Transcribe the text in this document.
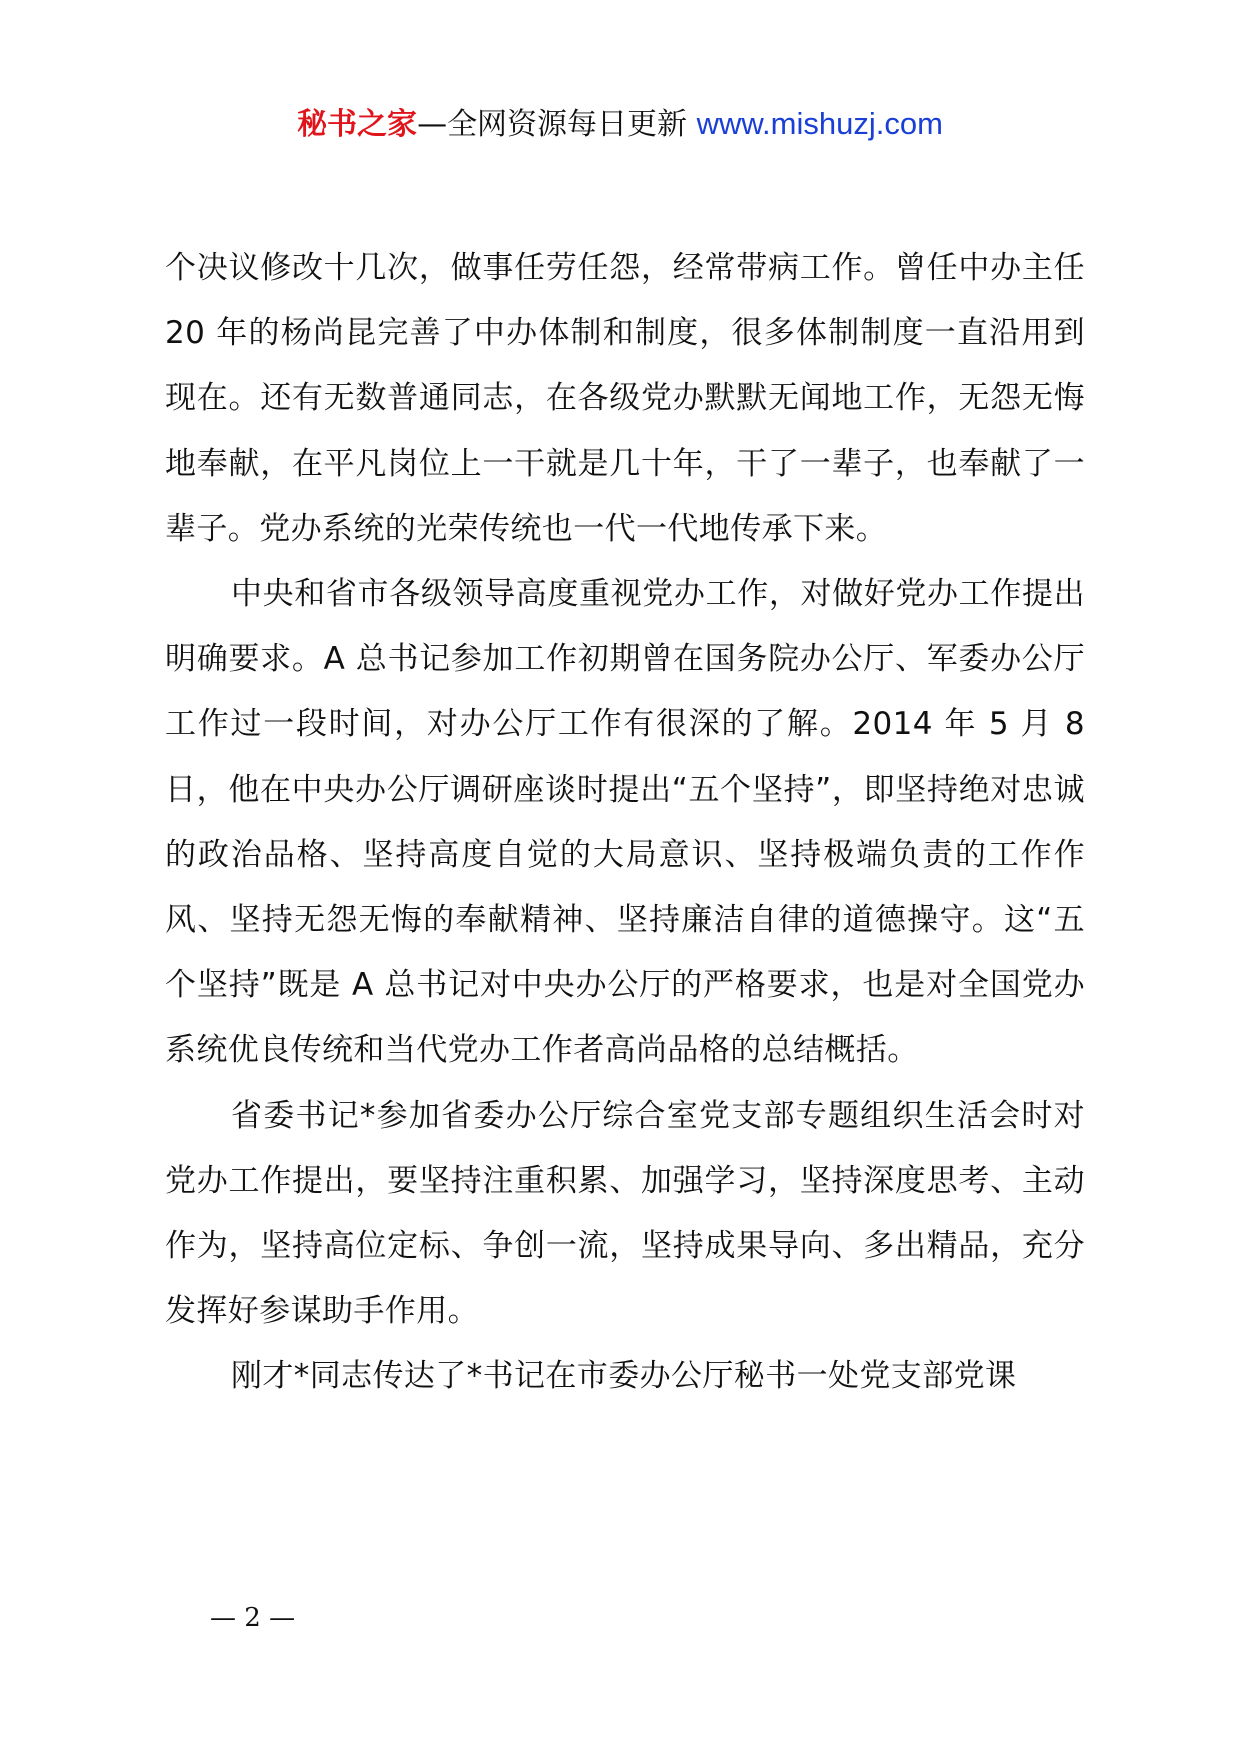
秘书之家—全网资源每日更新 www.mishuzj.com

个决议修改十几次，做事任劳任怨，经常带病工作。曾任中办主任 20 年的杨尚昆完善了中办体制和制度，很多体制制度一直沿用到现在。还有无数普通同志，在各级党办默默无闻地工作，无怨无悔地奉献，在平凡岗位上一干就是几十年，干了一辈子，也奉献了一辈子。党办系统的光荣传统也一代一代地传承下来。

中央和省市各级领导高度重视党办工作，对做好党办工作提出明确要求。A 总书记参加工作初期曾在国务院办公厅、军委办公厅工作过一段时间，对办公厅工作有很深的了解。2014 年 5 月 8 日，他在中央办公厅调研座谈时提出“五个坚持”，即坚持绝对忠诚的政治品格、坚持高度自觉的大局意识、坚持极端负责的工作作风、坚持无怨无悔的奉献精神、坚持廉洁自律的道德操守。这“五个坚持”既是 A 总书记对中央办公厅的严格要求，也是对全国党办系统优良传统和当代党办工作者高尚品格的总结概括。

省委书记*参加省委办公厅综合室党支部专题组织生活会时对党办工作提出，要坚持注重积累、加强学习，坚持深度思考、主动作为，坚持高位定标、争创一流，坚持成果导向、多出精品，充分发挥好参谋助手作用。

刚才*同志传达了*书记在市委办公厅秘书一处党支部党课

— 2 —
